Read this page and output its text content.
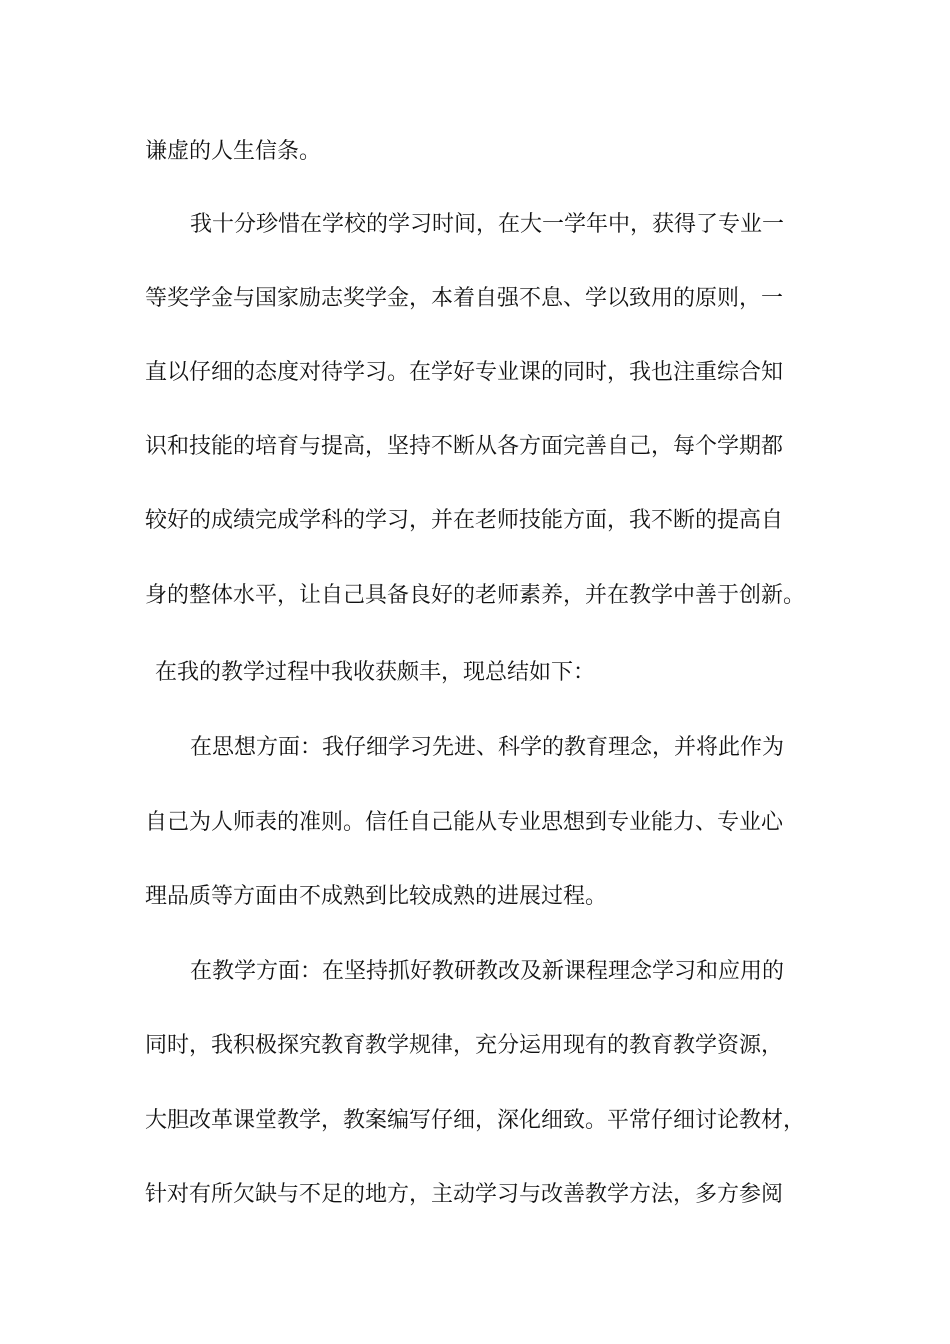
谦虚的人生信条。
我十分珍惜在学校的学习时间，在大一学年中，获得了专业一
等奖学金与国家励志奖学金，本着自强不息、学以致用的原则，一
直以仔细的态度对待学习。在学好专业课的同时，我也注重综合知
识和技能的培育与提高，坚持不断从各方面完善自己，每个学期都
较好的成绩完成学科的学习，并在老师技能方面，我不断的提高自
身的整体水平，让自己具备良好的老师素养，并在教学中善于创新。
在我的教学过程中我收获颇丰，现总结如下：
在思想方面：我仔细学习先进、科学的教育理念，并将此作为
自己为人师表的准则。信任自己能从专业思想到专业能力、专业心
理品质等方面由不成熟到比较成熟的进展过程。
在教学方面：在坚持抓好教研教改及新课程理念学习和应用的
同时，我积极探究教育教学规律，充分运用现有的教育教学资源，
大胆改革课堂教学，教案编写仔细，深化细致。平常仔细讨论教材，
针对有所欠缺与不足的地方，主动学习与改善教学方法，多方参阅
